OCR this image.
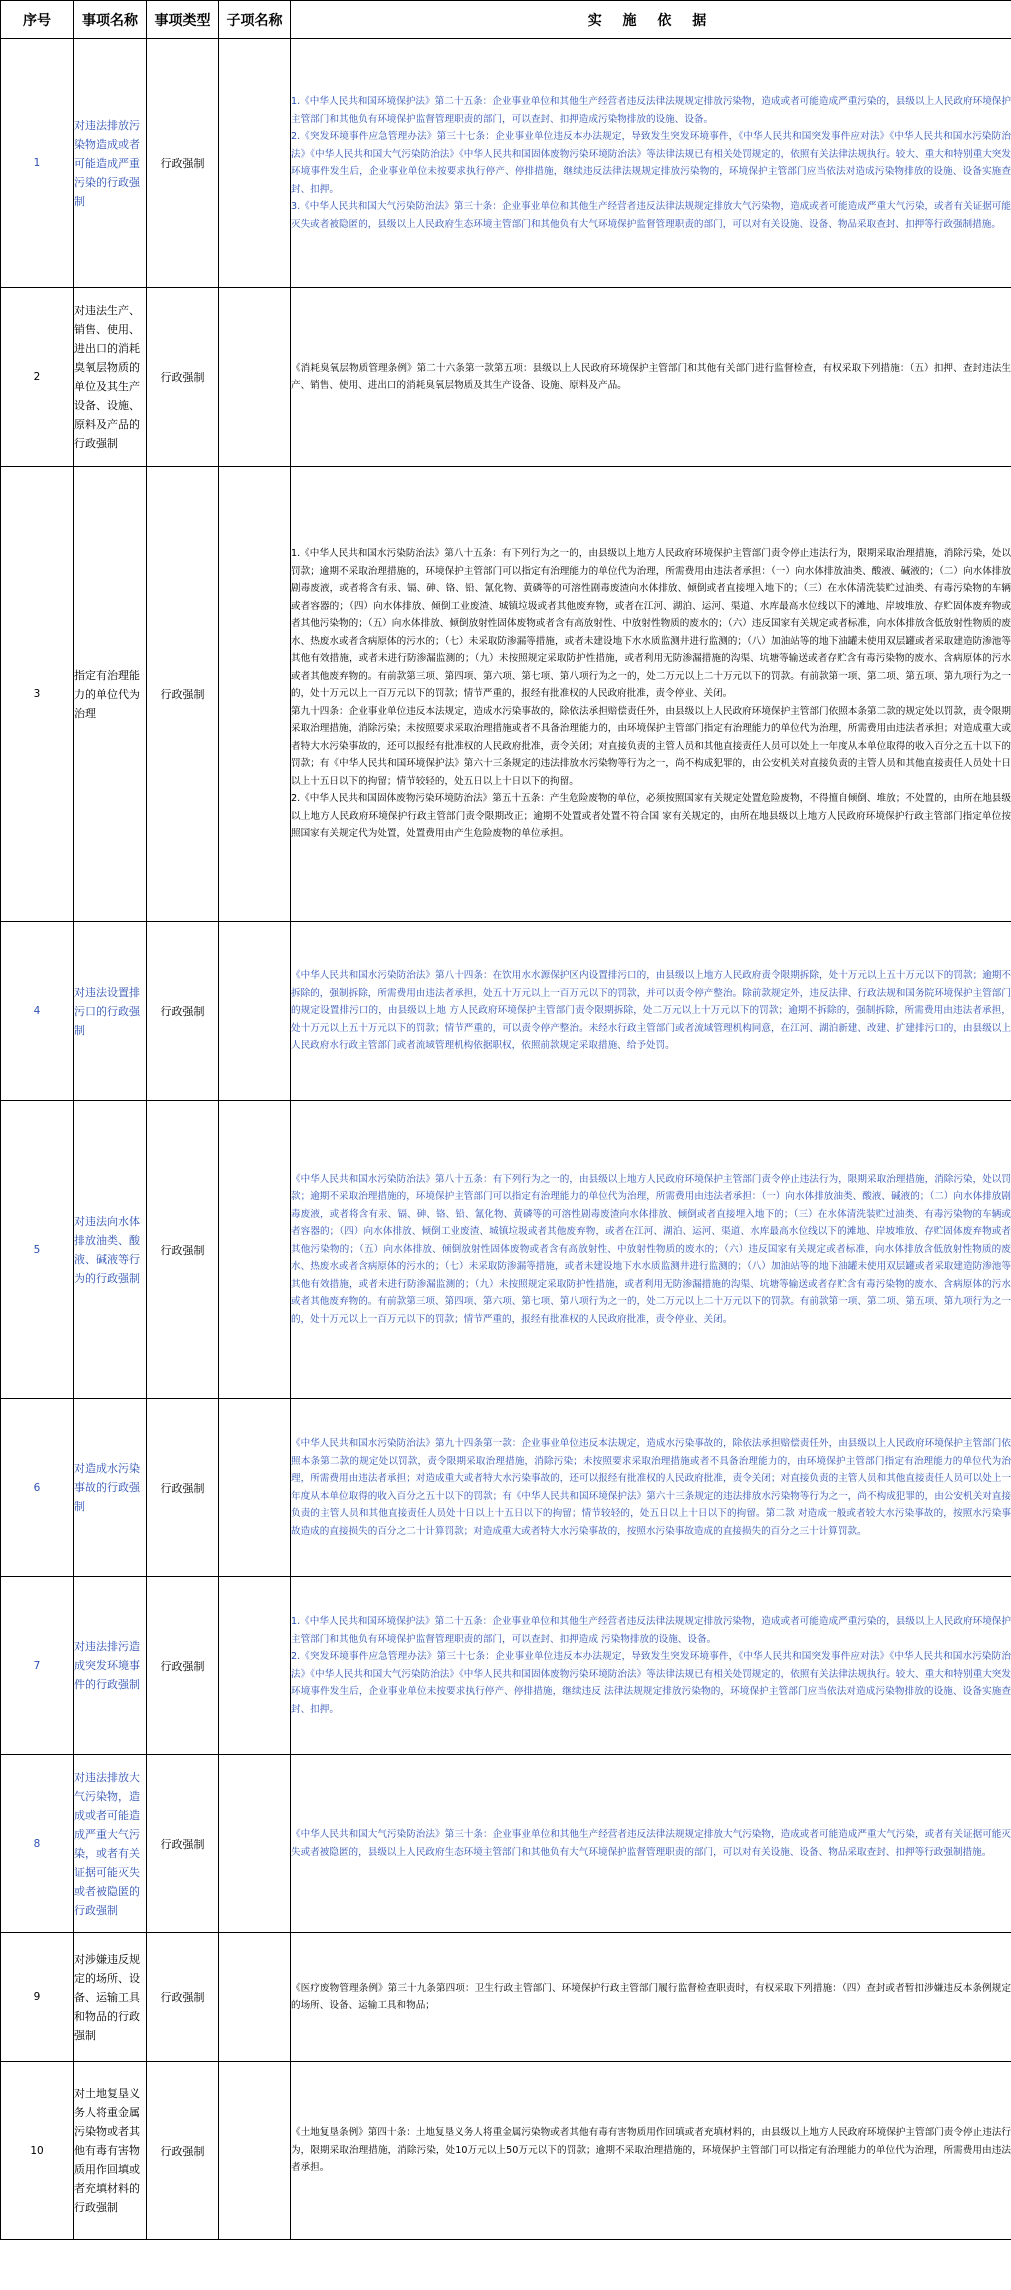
序号	事项名称	事项类型	子项名称	实 施 依 据
1	对违法排放污染物造成或者可能造成严重污染的行政强制	行政强制		1.《中华人民共和国环境保护法》第二十五条：企业事业单位和其他生产经营者违反法律法规规定排放污染物，造成或者可能造成严重污染的，县级以上人民政府环境保护主管部门和其他负有环境保护监督管理职责的部门，可以查封、扣押造成污染物排放的设施、设备。
2.《突发环境事件应急管理办法》第三十七条：企业事业单位违反本办法规定，导致发生突发环境事件，《中华人民共和国突发事件应对法》《中华人民共和国水污染防治法》《中华人民共和国大气污染防治法》《中华人民共和国固体废物污染环境防治法》等法律法规已有相关处罚规定的，依照有关法律法规执行。较大、重大和特别重大突发环境事件发生后，企业事业单位未按要求执行停产、停排措施，继续违反法律法规规定排放污染物的，环境保护主管部门应当依法对造成污染物排放的设施、设备实施查封、扣押。
3.《中华人民共和国大气污染防治法》第三十条：企业事业单位和其他生产经营者违反法律法规规定排放大气污染物，造成或者可能造成严重大气污染，或者有关证据可能灭失或者被隐匿的，县级以上人民政府生态环境主管部门和其他负有大气环境保护监督管理职责的部门，可以对有关设施、设备、物品采取查封、扣押等行政强制措施。

2	对违法生产、销售、使用、进出口的消耗臭氧层物质的单位及其生产设备、设施、原料及产品的行政强制	行政强制		《消耗臭氧层物质管理条例》第二十六条第一款第五项：县级以上人民政府环境保护主管部门和其他有关部门进行监督检查，有权采取下列措施：（五）扣押、查封违法生产、销售、使用、进出口的消耗臭氧层物质及其生产设备、设施、原料及产品。

3	指定有治理能力的单位代为治理	行政强制		1.《中华人民共和国水污染防治法》第八十五条：有下列行为之一的，由县级以上地方人民政府环境保护主管部门责令停止违法行为，限期采取治理措施，消除污染，处以罚款；逾期不采取治理措施的，环境保护主管部门可以指定有治理能力的单位代为治理，所需费用由违法者承担：（一）向水体排放油类、酸液、碱液的；（二）向水体排放剧毒废液，或者将含有汞、镉、砷、铬、铅、氰化物、黄磷等的可溶性剧毒废渣向水体排放、倾倒或者直接埋入地下的；（三）在水体清洗装贮过油类、有毒污染物的车辆或者容器的；（四）向水体排放、倾倒工业废渣、城镇垃圾或者其他废弃物，或者在江河、湖泊、运河、渠道、水库最高水位线以下的滩地、岸坡堆放、存贮固体废弃物或者其他污染物的；（五）向水体排放、倾倒放射性固体废物或者含有高放射性、中放射性物质的废水的；（六）违反国家有关规定或者标准，向水体排放含低放射性物质的废水、热废水或者含病原体的污水的；（七）未采取防渗漏等措施，或者未建设地下水水质监测井进行监测的；（八）加油站等的地下油罐未使用双层罐或者采取建造防渗池等其他有效措施，或者未进行防渗漏监测的；（九）未按照规定采取防护性措施，或者利用无防渗漏措施的沟渠、坑塘等输送或者存贮含有毒污染物的废水、含病原体的污水或者其他废弃物的。有前款第三项、第四项、第六项、第七项、第八项行为之一的，处二万元以上二十万元以下的罚款。有前款第一项、第二项、第五项、第九项行为之一的，处十万元以上一百万元以下的罚款；情节严重的，报经有批准权的人民政府批准，责令停业、关闭。
第九十四条：企业事业单位违反本法规定，造成水污染事故的，除依法承担赔偿责任外，由县级以上人民政府环境保护主管部门依照本条第二款的规定处以罚款，责令限期采取治理措施，消除污染；未按照要求采取治理措施或者不具备治理能力的，由环境保护主管部门指定有治理能力的单位代为治理，所需费用由违法者承担；对造成重大或者特大水污染事故的，还可以报经有批准权的人民政府批准，责令关闭；对直接负责的主管人员和其他直接责任人员可以处上一年度从本单位取得的收入百分之五十以下的罚款；有《中华人民共和国环境保护法》第六十三条规定的违法排放水污染物等行为之一，尚不构成犯罪的，由公安机关对直接负责的主管人员和其他直接责任人员处十日以上十五日以下的拘留；情节较轻的，处五日以上十日以下的拘留。
2.《中华人民共和国固体废物污染环境防治法》第五十五条：产生危险废物的单位，必须按照国家有关规定处置危险废物，不得擅自倾倒、堆放；不处置的，由所在地县级以上地方人民政府环境保护行政主管部门责令限期改正；逾期不处置或者处置不符合国 家有关规定的，由所在地县级以上地方人民政府环境保护行政主管部门指定单位按照国家有关规定代为处置，处置费用由产生危险废物的单位承担。

4	对违法设置排污口的行政强制	行政强制		《中华人民共和国水污染防治法》第八十四条：在饮用水水源保护区内设置排污口的，由县级以上地方人民政府责令限期拆除，处十万元以上五十万元以下的罚款；逾期不拆除的，强制拆除，所需费用由违法者承担，处五十万元以上一百万元以下的罚款，并可以责令停产整治。除前款规定外，违反法律、行政法规和国务院环境保护主管部门的规定设置排污口的，由县级以上地 方人民政府环境保护主管部门责令限期拆除，处二万元以上十万元以下的罚款；逾期不拆除的，强制拆除，所需费用由违法者承担，处十万元以上五十万元以下的罚款；情节严重的，可以责令停产整治。未经水行政主管部门或者流域管理机构同意，在江河、湖泊新建、改建、扩建排污口的，由县级以上人民政府水行政主管部门或者流域管理机构依据职权，依照前款规定采取措施、给予处罚。

5	对违法向水体排放油类、酸液、碱液等行为的行政强制	行政强制		《中华人民共和国水污染防治法》第八十五条：有下列行为之一的，由县级以上地方人民政府环境保护主管部门责令停止违法行为，限期采取治理措施，消除污染，处以罚款；逾期不采取治理措施的，环境保护主管部门可以指定有治理能力的单位代为治理，所需费用由违法者承担：（一）向水体排放油类、酸液、碱液的；（二）向水体排放剧毒废液，或者将含有汞、镉、砷、铬、铅、氰化物、黄磷等的可溶性剧毒废渣向水体排放、倾倒或者直接埋入地下的；（三）在水体清洗装贮过油类、有毒污染物的车辆或者容器的；（四）向水体排放、倾倒工业废渣、城镇垃圾或者其他废弃物，或者在江河、湖泊、运河、渠道、水库最高水位线以下的滩地、岸坡堆放、存贮固体废弃物或者其他污染物的；（五）向水体排放、倾倒放射性固体废物或者含有高放射性、中放射性物质的废水的；（六）违反国家有关规定或者标准，向水体排放含低放射性物质的废水、热废水或者含病原体的污水的；（七）未采取防渗漏等措施，或者未建设地下水水质监测井进行监测的；（八）加油站等的地下油罐未使用双层罐或者采取建造防渗池等其他有效措施，或者未进行防渗漏监测的；（九）未按照规定采取防护性措施，或者利用无防渗漏措施的沟渠、坑塘等输送或者存贮含有毒污染物的废水、含病原体的污水或者其他废弃物的。有前款第三项、第四项、第六项、第七项、第八项行为之一的，处二万元以上二十万元以下的罚款。有前款第一项、第二项、第五项、第九项行为之一的，处十万元以上一百万元以下的罚款；情节严重的，报经有批准权的人民政府批准，责令停业、关闭。

6	对造成水污染事故的行政强制	行政强制		《中华人民共和国水污染防治法》第九十四条第一款：企业事业单位违反本法规定，造成水污染事故的，除依法承担赔偿责任外，由县级以上人民政府环境保护主管部门依照本条第二款的规定处以罚款，责令限期采取治理措施，消除污染；未按照要求采取治理措施或者不具备治理能力的，由环境保护主管部门指定有治理能力的单位代为治理，所需费用由违法者承担；对造成重大或者特大水污染事故的，还可以报经有批准权的人民政府批准，责令关闭；对直接负责的主管人员和其他直接责任人员可以处上一年度从本单位取得的收入百分之五十以下的罚款；有《中华人民共和国环境保护法》第六十三条规定的违法排放水污染物等行为之一，尚不构成犯罪的，由公安机关对直接负责的主管人员和其他直接责任人员处十日以上十五日以下的拘留；情节较轻的，处五日以上十日以下的拘留。第二款 对造成一般或者较大水污染事故的，按照水污染事故造成的直接损失的百分之二十计算罚款；对造成重大或者特大水污染事故的，按照水污染事故造成的直接损失的百分之三十计算罚款。

7	对违法排污造成突发环境事件的行政强制	行政强制		1.《中华人民共和国环境保护法》第二十五条：企业事业单位和其他生产经营者违反法律法规规定排放污染物，造成或者可能造成严重污染的，县级以上人民政府环境保护主管部门和其他负有环境保护监督管理职责的部门，可以查封、扣押造成 污染物排放的设施、设备。
2.《突发环境事件应急管理办法》第三十七条：企业事业单位违反本办法规定，导致发生突发环境事件，《中华人民共和国突发事件应对法》《中华人民共和国水污染防治法》《中华人民共和国大气污染防治法》《中华人民共和国固体废物污染环境防治法》等法律法规已有相关处罚规定的，依照有关法律法规执行。较大、重大和特别重大突发环境事件发生后，企业事业单位未按要求执行停产、停排措施，继续违反 法律法规规定排放污染物的，环境保护主管部门应当依法对造成污染物排放的设施、设备实施查封、扣押。

8	对违法排放大气污染物，造成或者可能造成严重大气污染，或者有关证据可能灭失或者被隐匿的行政强制	行政强制		《中华人民共和国大气污染防治法》第三十条：企业事业单位和其他生产经营者违反法律法规规定排放大气污染物，造成或者可能造成严重大气污染，或者有关证据可能灭失或者被隐匿的，县级以上人民政府生态环境主管部门和其他负有大气环境保护监督管理职责的部门，可以对有关设施、设备、物品采取查封、扣押等行政强制措施。

9	对涉嫌违反规定的场所、设备、运输工具和物品的行政强制	行政强制		《医疗废物管理条例》第三十九条第四项：卫生行政主管部门、环境保护行政主管部门履行监督检查职责时，有权采取下列措施：（四）查封或者暂扣涉嫌违反本条例规定的场所、设备、运输工具和物品；

10	对土地复垦义务人将重金属污染物或者其他有毒有害物质用作回填或者充填材料的行政强制	行政强制		《土地复垦条例》第四十条：土地复垦义务人将重金属污染物或者其他有毒有害物质用作回填或者充填材料的，由县级以上地方人民政府环境保护主管部门责令停止违法行为，限期采取治理措施，消除污染，处10万元以上50万元以下的罚款；逾期不采取治理措施的，环境保护主管部门可以指定有治理能力的单位代为治理，所需费用由违法者承担。
